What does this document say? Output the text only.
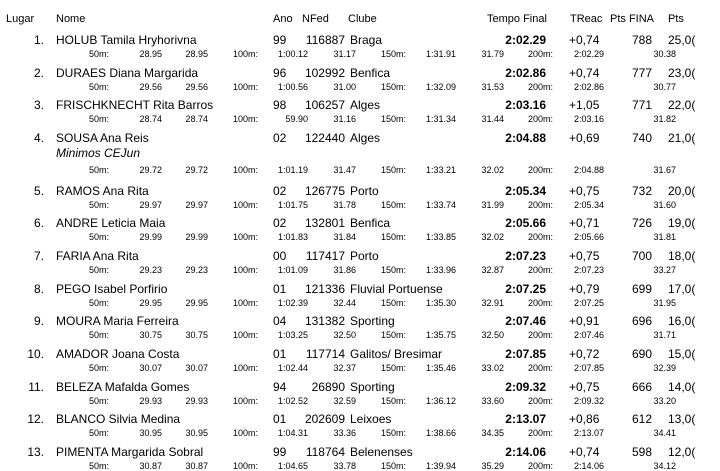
Lugar Nome	Ano NFed Clube	Tempo Final TReac Pts FINA Pts
1. HOLUB Tamila Hryhorivna	99	116887 Braga	2:02.29 +0,74	788 25,0(
50m:	28.95	28.95	100m:	1:00.12	31.17	150m:	1:31.91	31.79	200m:	2:02.29	30.38
2. DURAES Diana Margarida	96	102992 Benfica	2:02.86 +0,74	777 23,0(
50m:	29.56	29.56	100m:	1:00.56	31.00	150m:	1:32.09	31.53	200m:	2:02.86	30.77
3. FRISCHKNECHT Rita Barros	98	106257 Alges	2:03.16 +1,05	771 22,0(
50m:	28.74	28.74	100m:	59.90	31.16	150m:	1:31.34	31.44	200m:	2:03.16	31.82
4. SOUSA Ana Reis	02	122440 Alges	2:04.88 +0,69	740 21,0(
Minimos CEJun
50m:	29.72	29.72	100m:	1:01.19	31.47	150m:	1:33.21	32.02	200m:	2:04.88	31.67
5. RAMOS Ana Rita	02	126775 Porto	2:05.34 +0,75	732 20,0(
50m:	29.97	29.97	100m:	1:01.75	31.78	150m:	1:33.74	31.99	200m:	2:05.34	31.60
6. ANDRE Leticia Maia	02	132801 Benfica	2:05.66 +0,71	726 19,0(
50m:	29.99	29.99	100m:	1:01.83	31.84	150m:	1:33.85	32.02	200m:	2:05.66	31.81
7. FARIA Ana Rita	00	117417 Porto	2:07.23 +0,75	700 18,0(
50m:	29.23	29.23	100m:	1:01.09	31.86	150m:	1:33.96	32.87	200m:	2:07.23	33.27
8. PEGO Isabel Porfirio	01	121336 Fluvial Portuense	2:07.25 +0,79	699 17,0(
50m:	29.95	29.95	100m:	1:02.39	32.44	150m:	1:35.30	32.91	200m:	2:07.25	31.95
9. MOURA Maria Ferreira	04	131382 Sporting	2:07.46 +0,91	696 16,0(
50m:	30.75	30.75	100m:	1:03.25	32.50	150m:	1:35.75	32.50	200m:	2:07.46	31.71
10. AMADOR Joana Costa	01	117714 Galitos/ Bresimar	2:07.85 +0,72	690 15,0(
50m:	30.07	30.07	100m:	1:02.44	32.37	150m:	1:35.46	33.02	200m:	2:07.85	32.39
11. BELEZA Mafalda Gomes	94	26890 Sporting	2:09.32 +0,75	666 14,0(
50m:	29.93	29.93	100m:	1:02.52	32.59	150m:	1:36.12	33.60	200m:	2:09.32	33.20
12. BLANCO Silvia Medina	01	202609 Leixoes	2:13.07 +0,86	612 13,0(
50m:	30.95	30.95	100m:	1:04.31	33.36	150m:	1:38.66	34.35	200m:	2:13.07	34.41
13. PIMENTA Margarida Sobral	99	118764 Belenenses	2:14.06 +0,74	598 12,0(
50m:	30.87	30.87	100m:	1:04.65	33.78	150m:	1:39.94	35.29	200m:	2:14.06	34.12
